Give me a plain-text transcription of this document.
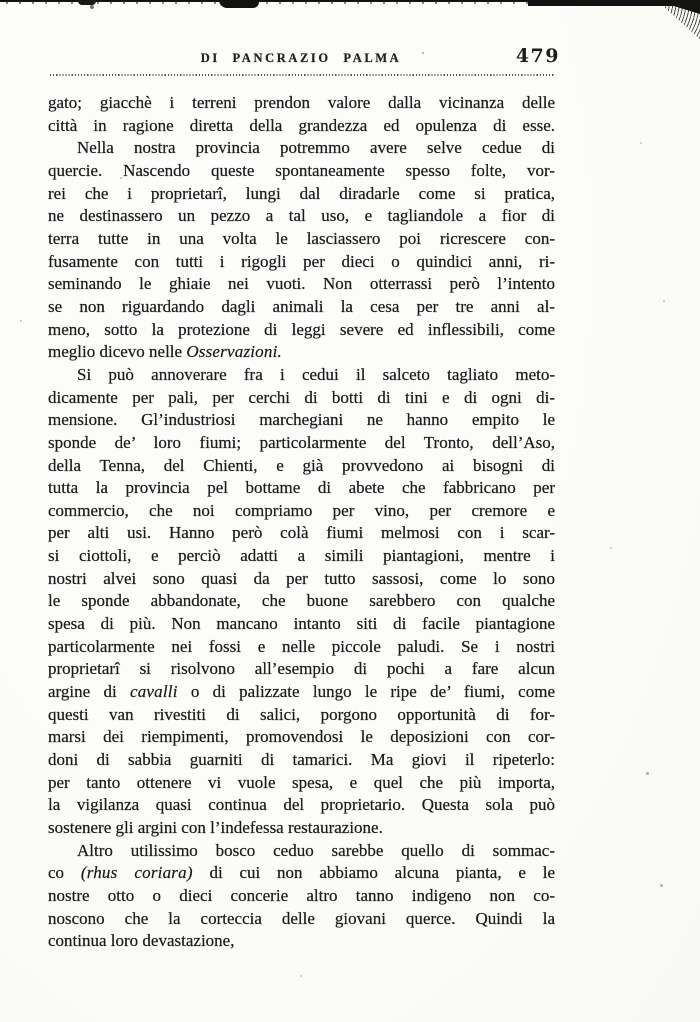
DI PANCRAZIO PALMA	479
gato; giacchè i terreni prendon valore dalla vicinanza delle
città in ragione diretta della grandezza ed opulenza di esse.
Nella nostra provincia potremmo avere selve cedue di
quercie. Nascendo queste spontaneamente spesso folte, vor-
rei che i proprietarî, lungi dal diradarle come si pratica,
ne destinassero un pezzo a tal uso, e tagliandole a fior di
terra tutte in una volta le lasciassero poi ricrescere con-
fusamente con tutti i rigogli per dieci o quindici anni, ri-
seminando le ghiaie nei vuoti. Non otterrassi però l’intento
se non riguardando dagli animali la cesa per tre anni al-
meno, sotto la protezione di leggi severe ed inflessibili, come
meglio dicevo nelle Osservazioni.
Si può annoverare fra i cedui il salceto tagliato meto-
dicamente per pali, per cerchi di botti di tini e di ogni di-
mensione. Gl’industriosi marchegiani ne hanno empito le
sponde de’ loro fiumi; particolarmente del Tronto, dell’Aso,
della Tenna, del Chienti, e già provvedono ai bisogni di
tutta la provincia pel bottame di abete che fabbricano per
commercio, che noi compriamo per vino, per cremore e
per alti usi. Hanno però colà fiumi melmosi con i scar-
si ciottoli, e perciò adatti a simili piantagioni, mentre i
nostri alvei sono quasi da per tutto sassosi, come lo sono
le sponde abbandonate, che buone sarebbero con qualche
spesa di più. Non mancano intanto siti di facile piantagione
particolarmente nei fossi e nelle piccole paludi. Se i nostri
proprietarî si risolvono all’esempio di pochi a fare alcun
argine di cavalli o di palizzate lungo le ripe de’ fiumi, come
questi van rivestiti di salici, porgono opportunità di for-
marsi dei riempimenti, promovendosi le deposizioni con cor-
doni di sabbia guarniti di tamarici. Ma giovi il ripeterlo:
per tanto ottenere vi vuole spesa, e quel che più importa,
la vigilanza quasi continua del proprietario. Questa sola può
sostenere gli argini con l’indefessa restaurazione.
Altro utilissimo bosco ceduo sarebbe quello di sommac-
co (rhus coriara) di cui non abbiamo alcuna pianta, e le
nostre otto o dieci concerie altro tanno indigeno non co-
noscono che la corteccia delle giovani querce. Quindi la
continua loro devastazione,
